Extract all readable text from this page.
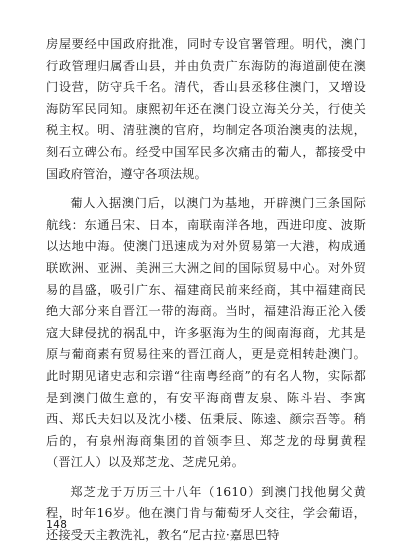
房屋要经中国政府批准，同时专设官署管理。明代，澳门行政管理归属香山县，并由负责广东海防的海道副使在澳门设营，防守兵千名。清代，香山县丞移住澳门，又增设海防军民同知。康熙初年还在澳门设立海关分关，行使关税主权。明、清驻澳的官府，均制定各项治澳夷的法规，刻石立碑公布。经受中国军民多次痛击的葡人，都接受中国政府管治，遵守各项法规。

葡人入据澳门后，以澳门为基地，开辟澳门三条国际航线：东通吕宋、日本，南联南洋各地，西进印度、波斯以达地中海。使澳门迅速成为对外贸易第一大港，构成通联欧洲、亚洲、美洲三大洲之间的国际贸易中心。对外贸易的昌盛，吸引广东、福建商民前来经商，其中福建商民绝大部分来自晋江一带的海商。当时，福建沿海正沦入倭寇大肆侵扰的祸乱中，许多驱海为生的闽南海商，尤其是原与葡商素有贸易往来的晋江商人，更是竞相转赴澳门。此时期见诸史志和宗谱“往南粤经商”的有名人物，实际都是到澳门做生意的，有安平海商曹友泉、陈斗岩、李寓西、郑氏夫妇以及沈小楼、伍秉辰、陈逵、颜宗吾等。稍后的，有泉州海商集团的首领李旦、郑芝龙的母舅黄程（晋江人）以及郑芝龙、芝虎兄弟。

郑芝龙于万历三十八年（1610）到澳门找他舅父黄程，时年16岁。他在澳门肯与葡萄牙人交往，学会葡语，还接受天主教洗礼，教名“尼古拉·嘉思巴特

148
